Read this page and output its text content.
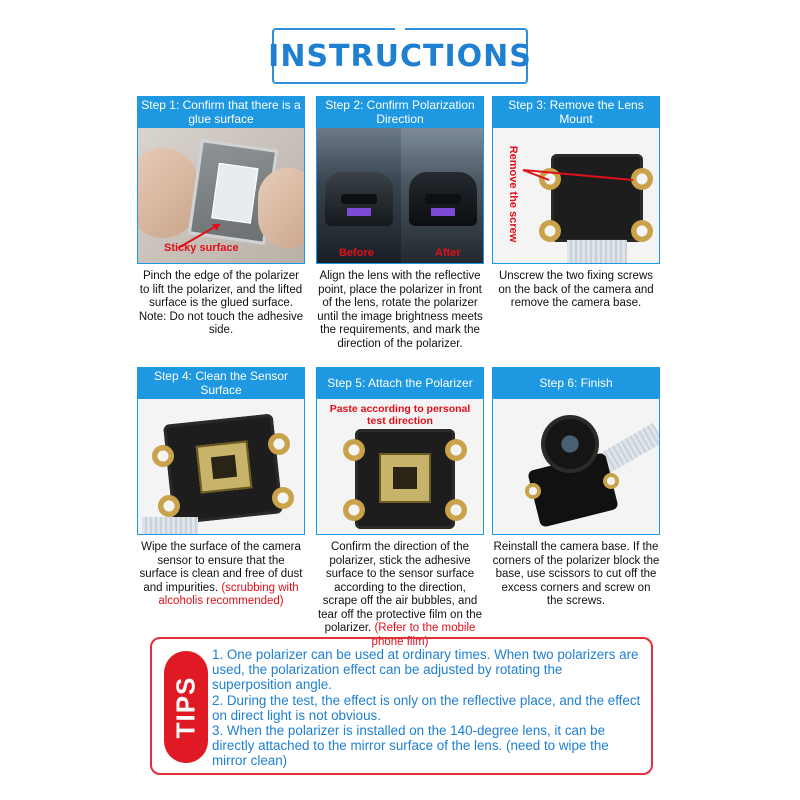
INSTRUCTIONS
Step 1: Confirm that there is a glue surface
Sticky surface
Pinch the edge of the polarizer to lift the polarizer, and the lifted surface is the glued surface. Note: Do not touch the adhesive side.
Step 2: Confirm Polarization Direction
Before	After
Align the lens with the reflective point, place the polarizer in front of the lens, rotate the polarizer until the image brightness meets the requirements, and mark the direction of the polarizer.
Step 3: Remove the Lens Mount
Remove the screw
Unscrew the two fixing screws on the back of the camera and remove the camera base.
Step 4: Clean the Sensor Surface
Wipe the surface of the camera sensor to ensure that the surface is clean and free of dust and impurities. (scrubbing with alcoholis recommended)
Step 5: Attach the Polarizer
Paste according to personal test direction
Confirm the direction of the polarizer, stick the adhesive surface to the sensor surface according to the direction, scrape off the air bubbles, and tear off the protective film on the polarizer. (Refer to the mobile phone film)
Step 6: Finish
Reinstall the camera base. If the corners of the polarizer block the base, use scissors to cut off the excess corners and screw on the screws.
TIPS

1. One polarizer can be used at ordinary times. When two polarizers are used, the polarization effect can be adjusted by rotating the superposition angle.

2. During the test, the effect is only on the reflective place, and the effect on direct light is not obvious.

3. When the polarizer is installed on the 140-degree lens, it can be directly attached to the mirror surface of the lens. (need to wipe the mirror clean)
